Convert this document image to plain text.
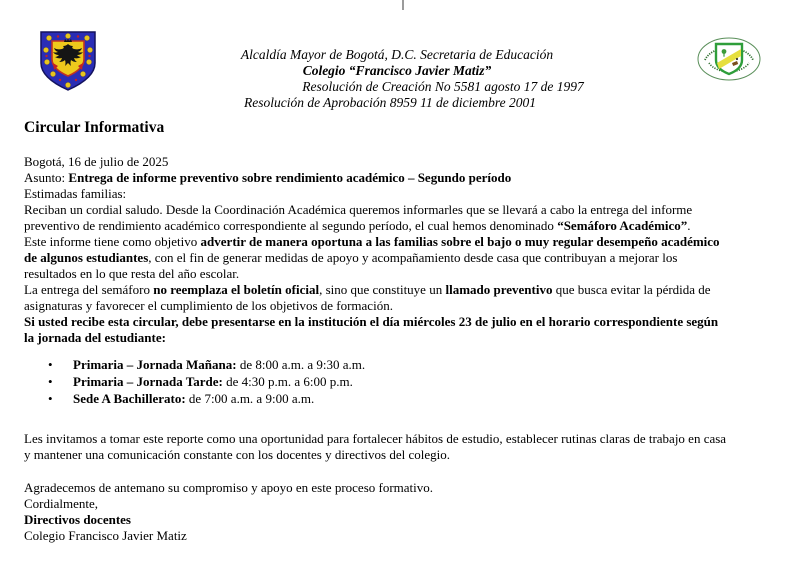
Alcaldía Mayor de Bogotá, D.C. Secretaria de Educación
Colegio “Francisco Javier Matiz”
Resolución de Creación No 5581 agosto 17 de 1997
Resolución de Aprobación 8959 11 de diciembre 2001
Circular Informativa
Bogotá, 16 de julio de 2025
Asunto: Entrega de informe preventivo sobre rendimiento académico – Segundo período
Estimadas familias:
Reciban un cordial saludo. Desde la Coordinación Académica queremos informarles que se llevará a cabo la entrega del informe
preventivo de rendimiento académico correspondiente al segundo período, el cual hemos denominado “Semáforo Académico”.
Este informe tiene como objetivo advertir de manera oportuna a las familias sobre el bajo o muy regular desempeño académico
de algunos estudiantes, con el fin de generar medidas de apoyo y acompañamiento desde casa que contribuyan a mejorar los
resultados en lo que resta del año escolar.
La entrega del semáforo no reemplaza el boletín oficial, sino que constituye un llamado preventivo que busca evitar la pérdida de
asignaturas y favorecer el cumplimiento de los objetivos de formación.
Si usted recibe esta circular, debe presentarse en la institución el día miércoles 23 de julio en el horario correspondiente según
la jornada del estudiante:
•	Primaria – Jornada Mañana: de 8:00 a.m. a 9:30 a.m.
•	Primaria – Jornada Tarde: de 4:30 p.m. a 6:00 p.m.
•	Sede A Bachillerato: de 7:00 a.m. a 9:00 a.m.
Les invitamos a tomar este reporte como una oportunidad para fortalecer hábitos de estudio, establecer rutinas claras de trabajo en casa
y mantener una comunicación constante con los docentes y directivos del colegio.
Agradecemos de antemano su compromiso y apoyo en este proceso formativo.
Cordialmente,
Directivos docentes
Colegio Francisco Javier Matiz
